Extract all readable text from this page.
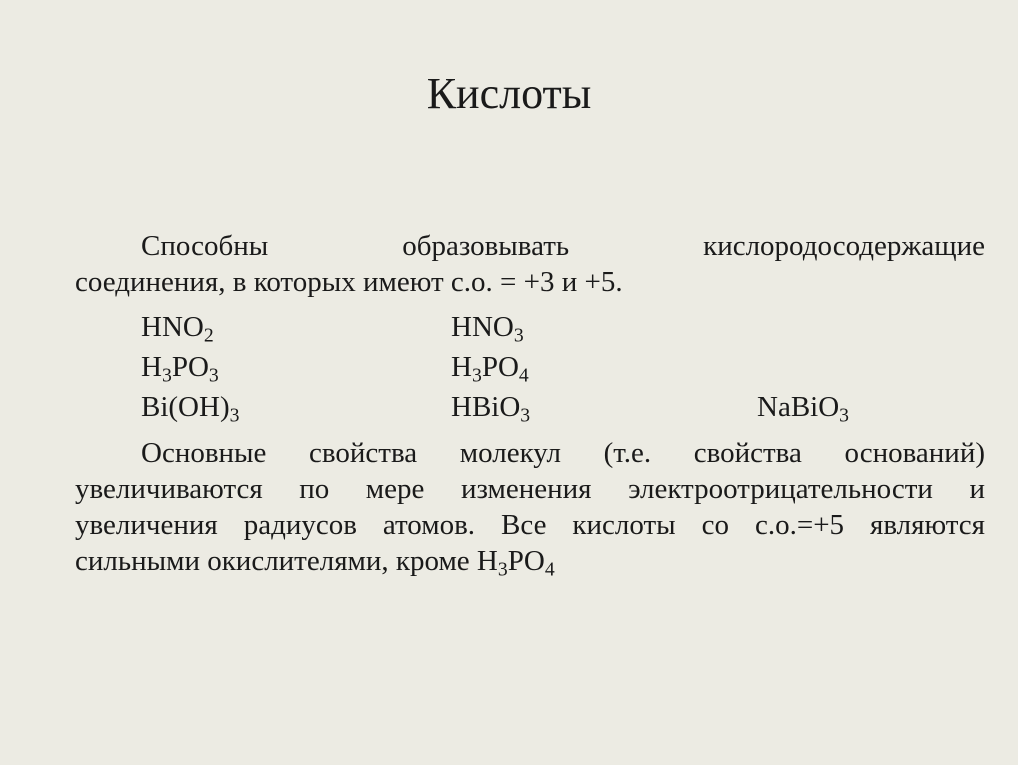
Кислоты

Способны	образовывать	кислородосодержащие

соединения, в которых имеют с.о. = +3 и +5.

$HNO_2$	$HNO_3$
$H_3PO_3$	$H_3PO_4$
$Bi(OH)_3$	HBiO$_3$	NaBiO$_3$

Основные свойства молекул (т.е. свойства оснований) увеличиваются по мере изменения электроотрицательности и увеличения радиусов атомов. Все кислоты со с.о.=+5 являются сильными окислителями, кроме $H_3PO_4$
